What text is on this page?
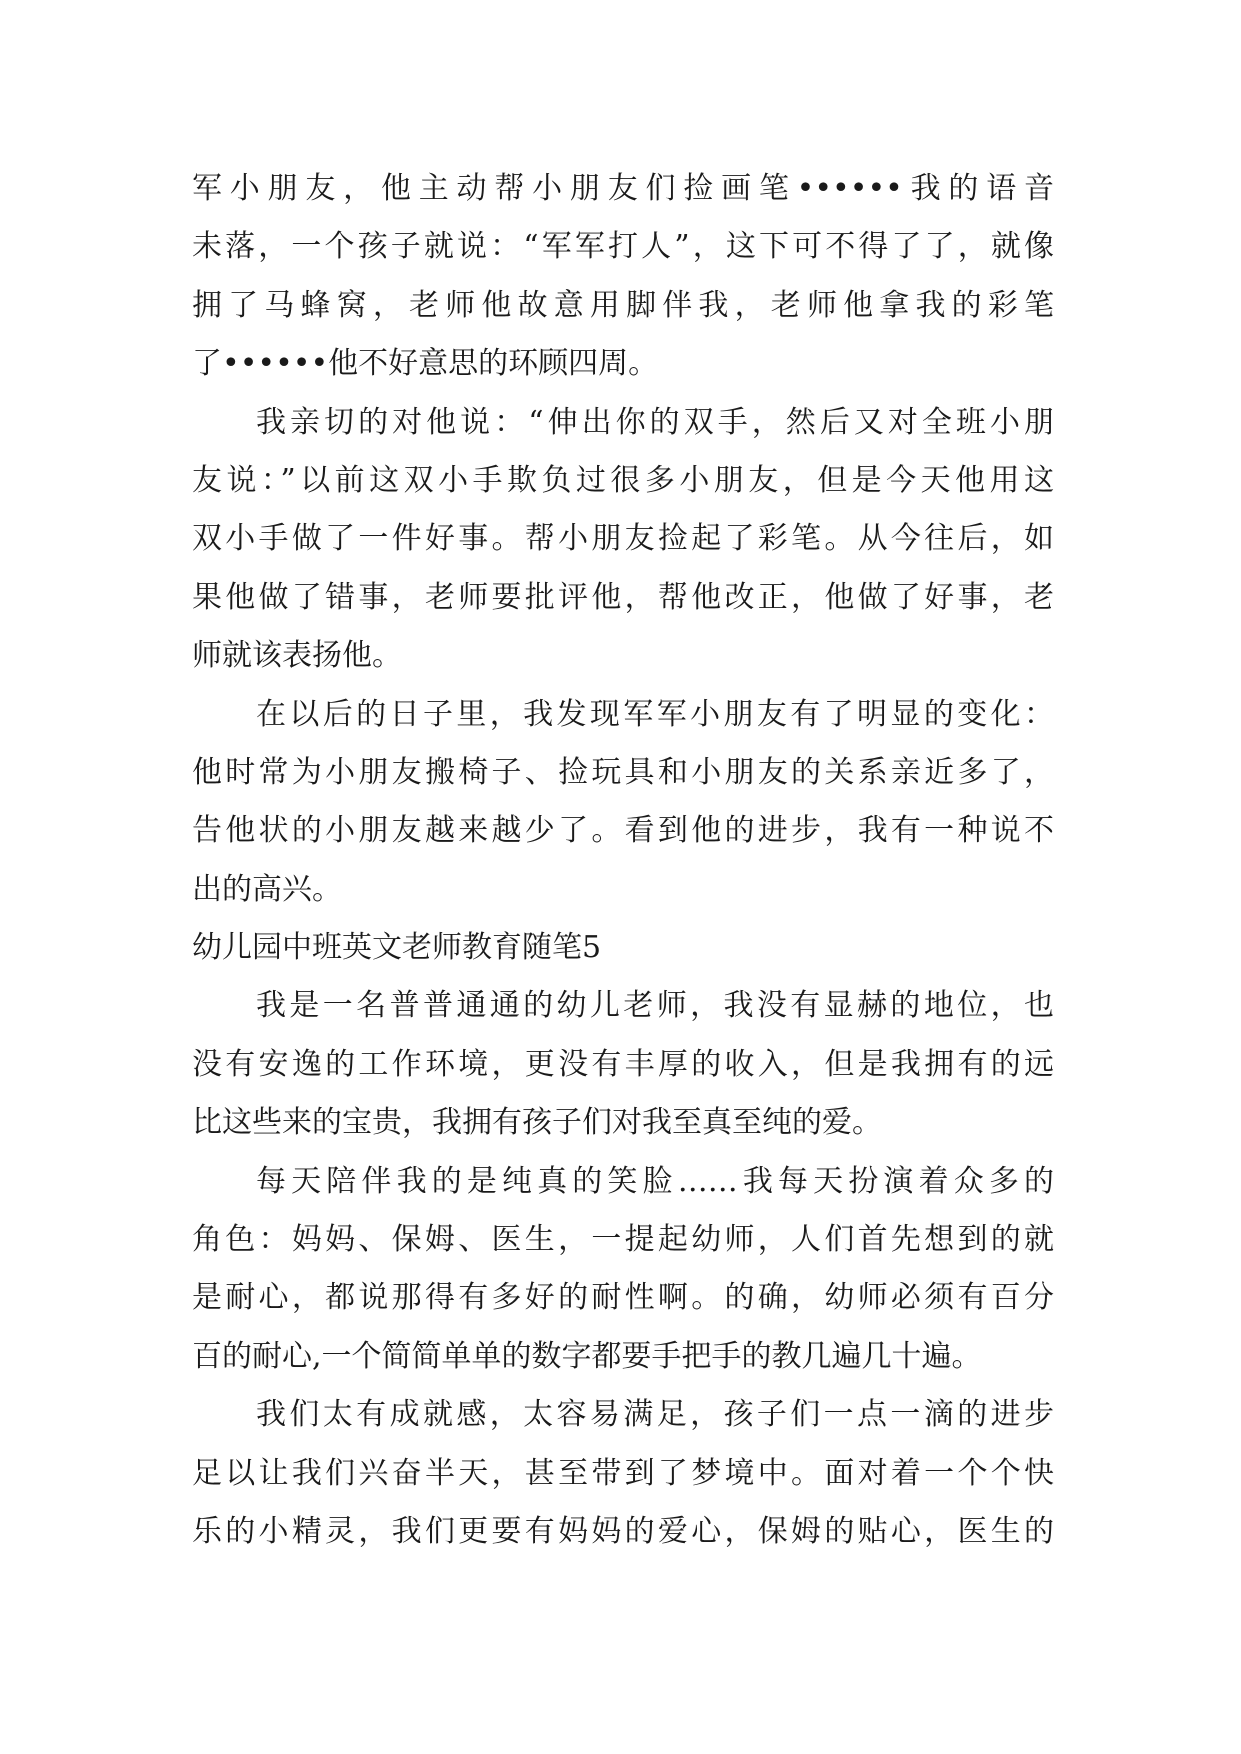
军小朋友，他主动帮小朋友们捡画笔••••••我的语音
未落，一个孩子就说：“军军打人”，这下可不得了了，就像
拥了马蜂窝，老师他故意用脚伴我，老师他拿我的彩笔
了••••••他不好意思的环顾四周。
我亲切的对他说：“伸出你的双手，然后又对全班小朋
友说：”以前这双小手欺负过很多小朋友，但是今天他用这
双小手做了一件好事。帮小朋友捡起了彩笔。从今往后，如
果他做了错事，老师要批评他，帮他改正，他做了好事，老
师就该表扬他。
在以后的日子里，我发现军军小朋友有了明显的变化：
他时常为小朋友搬椅子、捡玩具和小朋友的关系亲近多了，
告他状的小朋友越来越少了。看到他的进步，我有一种说不
出的高兴。
幼儿园中班英文老师教育随笔5
我是一名普普通通的幼儿老师，我没有显赫的地位，也
没有安逸的工作环境，更没有丰厚的收入，但是我拥有的远
比这些来的宝贵，我拥有孩子们对我至真至纯的爱。
每天陪伴我的是纯真的笑脸……我每天扮演着众多的
角色：妈妈、保姆、医生，一提起幼师，人们首先想到的就
是耐心，都说那得有多好的耐性啊。的确，幼师必须有百分
百的耐心,一个简简单单的数字都要手把手的教几遍几十遍。
我们太有成就感，太容易满足，孩子们一点一滴的进步
足以让我们兴奋半天，甚至带到了梦境中。面对着一个个快
乐的小精灵，我们更要有妈妈的爱心，保姆的贴心，医生的
